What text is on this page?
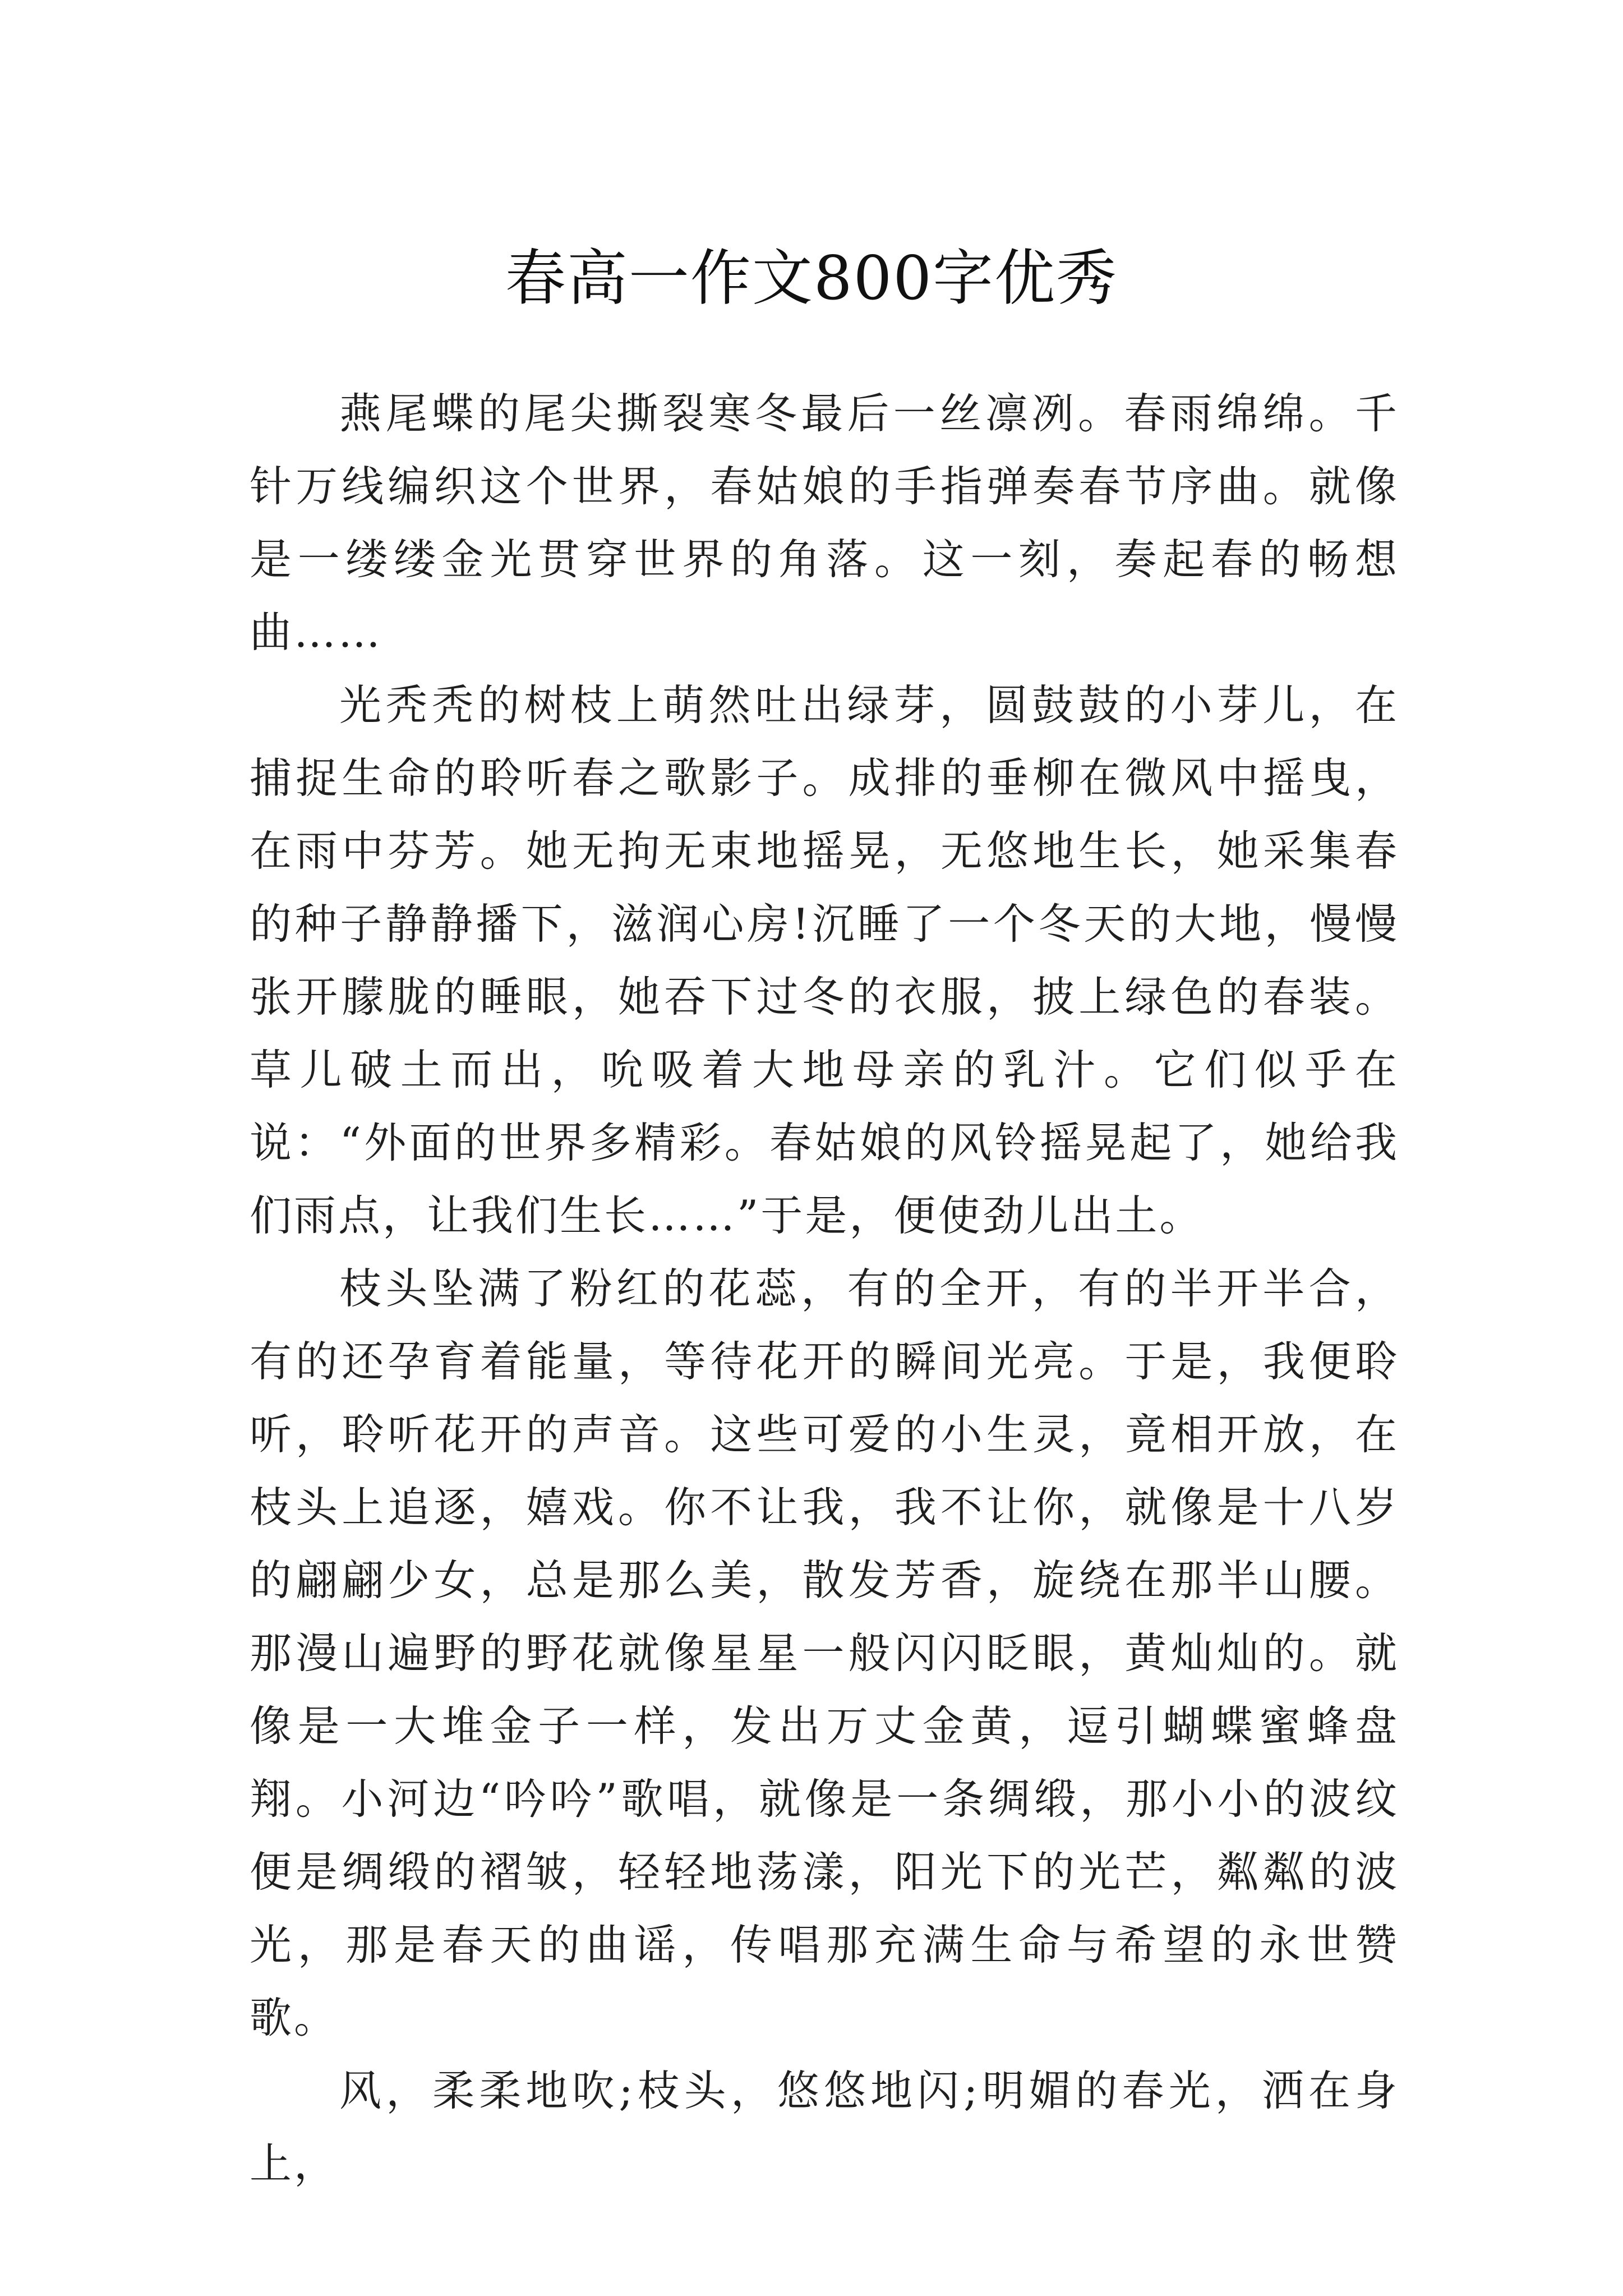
春高一作文800字优秀

燕尾蝶的尾尖撕裂寒冬最后一丝凛冽。春雨绵绵。千针万线编织这个世界，春姑娘的手指弹奏春节序曲。就像是一缕缕金光贯穿世界的角落。这一刻，奏起春的畅想曲……

光秃秃的树枝上萌然吐出绿芽，圆鼓鼓的小芽儿，在捕捉生命的聆听春之歌影子。成排的垂柳在微风中摇曳，在雨中芬芳。她无拘无束地摇晃，无悠地生长，她采集春的种子静静播下，滋润心房!沉睡了一个冬天的大地，慢慢张开朦胧的睡眼，她吞下过冬的衣服，披上绿色的春装。草儿破土而出，吮吸着大地母亲的乳汁。它们似乎在说：“外面的世界多精彩。春姑娘的风铃摇晃起了，她给我们雨点，让我们生长……”于是，便使劲儿出土。

枝头坠满了粉红的花蕊，有的全开，有的半开半合，有的还孕育着能量，等待花开的瞬间光亮。于是，我便聆听，聆听花开的声音。这些可爱的小生灵，竟相开放，在枝头上追逐，嬉戏。你不让我，我不让你，就像是十八岁的翩翩少女，总是那么美，散发芳香，旋绕在那半山腰。那漫山遍野的野花就像星星一般闪闪眨眼，黄灿灿的。就像是一大堆金子一样，发出万丈金黄，逗引蝴蝶蜜蜂盘翔。小河边“吟吟”歌唱，就像是一条绸缎，那小小的波纹便是绸缎的褶皱，轻轻地荡漾，阳光下的光芒，粼粼的波光，那是春天的曲谣，传唱那充满生命与希望的永世赞歌。

风，柔柔地吹;枝头，悠悠地闪;明媚的春光，洒在身上，
